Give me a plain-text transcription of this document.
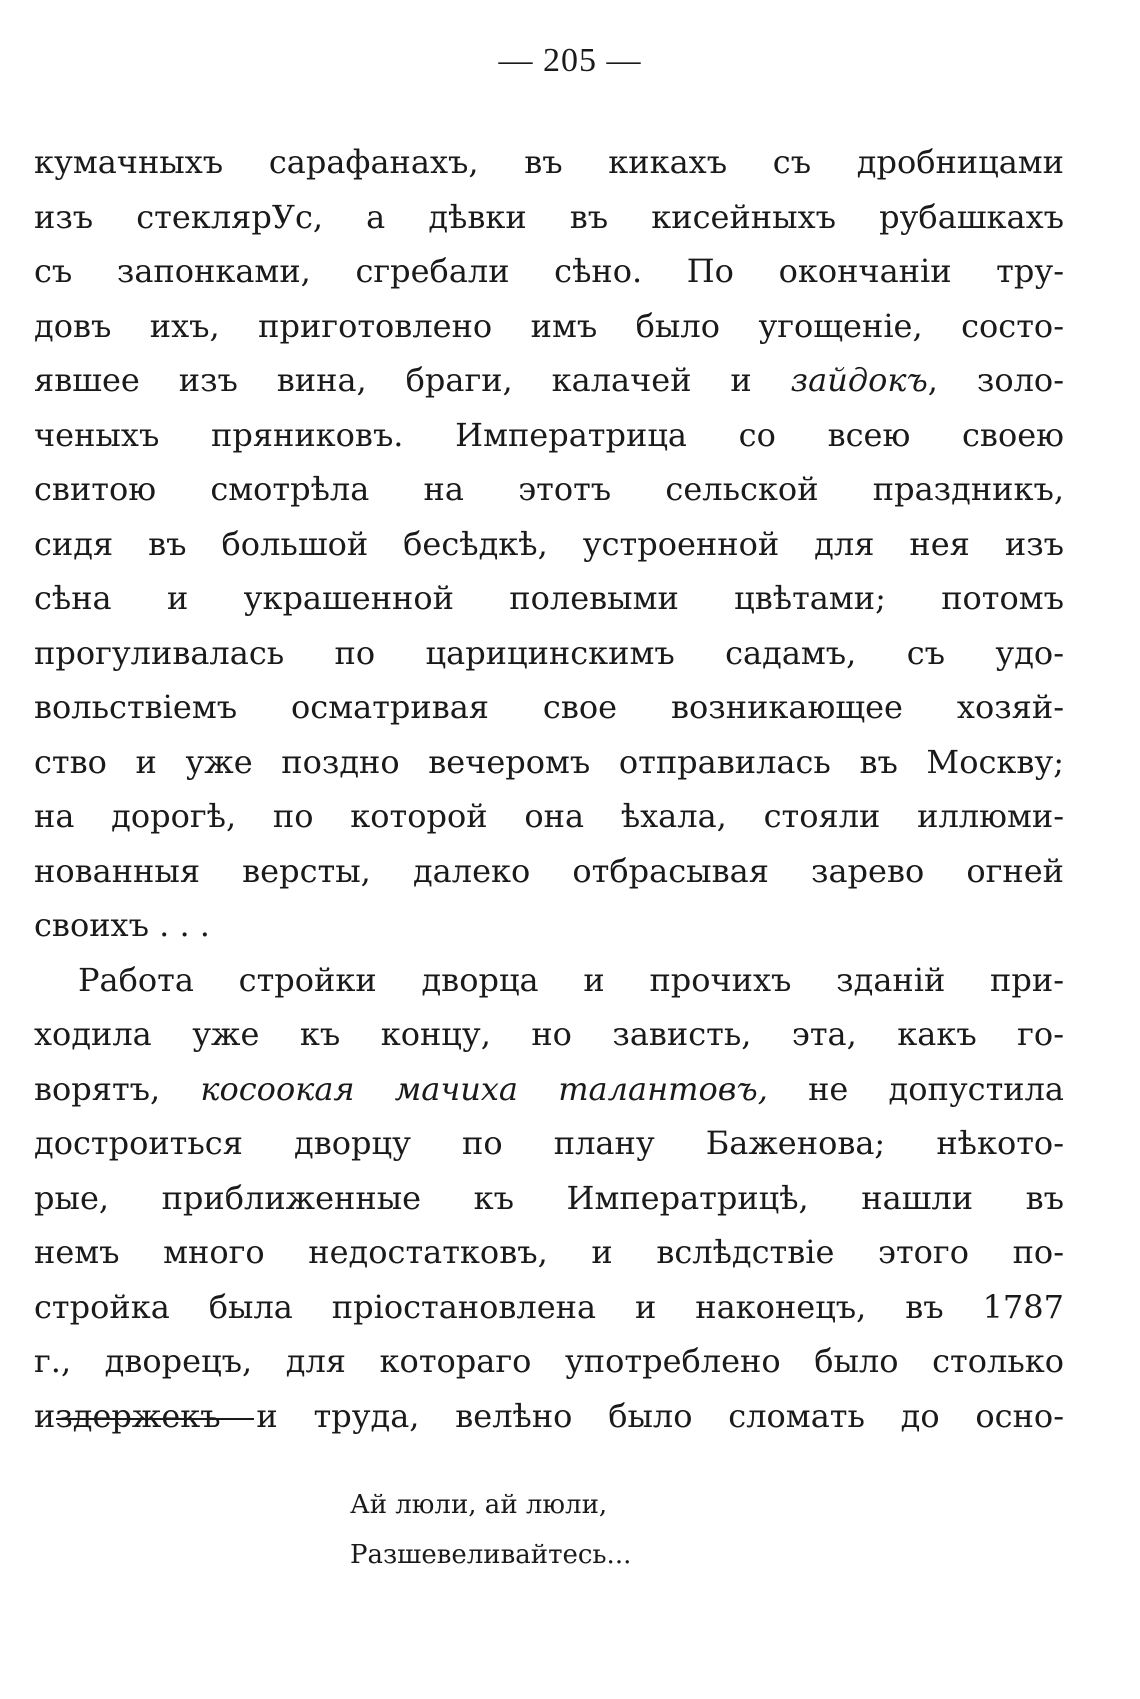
— 205 —
кумачныхъ сарафанахъ, въ кикахъ съ дробницами
изъ стеклярУс, а дѣвки въ кисейныхъ рубашкахъ
съ запонками, сгребали сѣно. По окончаніи тру-
довъ ихъ, приготовлено имъ было угощеніе, состо-
явшее изъ вина, браги, калачей и зайдокъ, золо-
ченыхъ пряниковъ. Императрица со всею своею
свитою смотрѣла на этотъ сельской праздникъ,
сидя въ большой бесѣдкѣ, устроенной для нея изъ
сѣна и украшенной полевыми цвѣтами; потомъ
прогуливалась по царицинскимъ садамъ, съ удо-
вольствіемъ осматривая свое возникающее хозяй-
ство и уже поздно вечеромъ отправилась въ Москву;
на дорогѣ, по которой она ѣхала, стояли иллюми-
нованныя версты, далеко отбрасывая зарево огней
своихъ . . .
Работа стройки дворца и прочихъ зданій при-
ходила уже къ концу, но зависть, эта, какъ го-
ворятъ, косоокая мачиха талантовъ, не допустила
достроиться дворцу по плану Баженова; нѣкото-
рые, приближенные къ Императрицѣ, нашли въ
немъ много недостатковъ, и вслѣдствіе этого по-
стройка была пріостановлена и наконецъ, въ 1787
г., дворецъ, для котораго употреблено было столько
издержекъ и труда, велѣно было сломать до осно-
Ай люли, ай люли,
Разшевеливайтесь...
